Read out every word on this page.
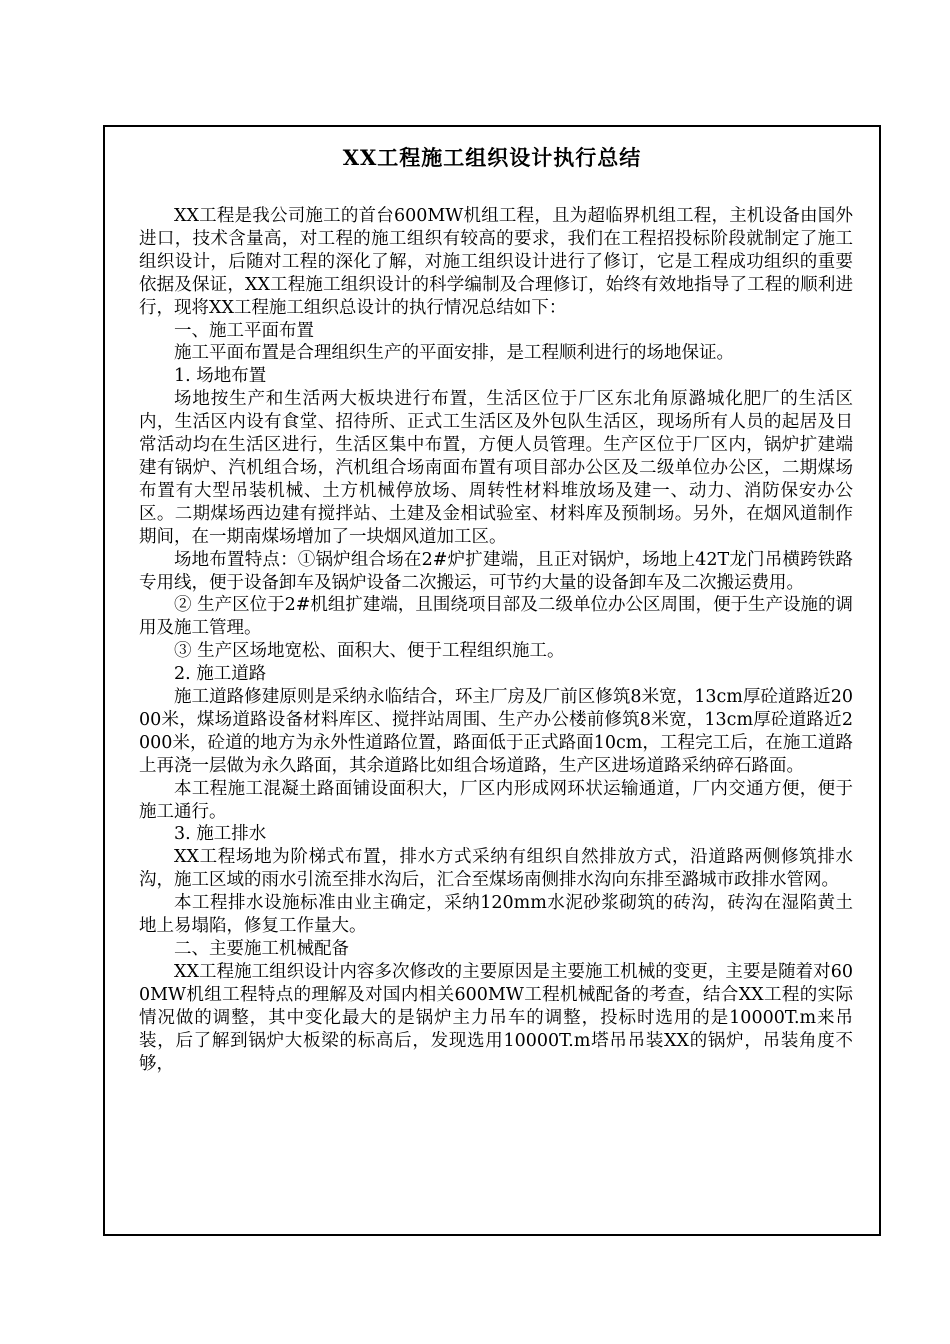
XX工程施工组织设计执行总结

XX工程是我公司施工的首台600MW机组工程，且为超临界机组工程，主机设备由国外进口，技术含量高，对工程的施工组织有较高的要求，我们在工程招投标阶段就制定了施工组织设计，后随对工程的深化了解，对施工组织设计进行了修订，它是工程成功组织的重要依据及保证，XX工程施工组织设计的科学编制及合理修订，始终有效地指导了工程的顺利进行，现将XX工程施工组织总设计的执行情况总结如下：

一、施工平面布置

施工平面布置是合理组织生产的平面安排，是工程顺利进行的场地保证。

1. 场地布置

场地按生产和生活两大板块进行布置，生活区位于厂区东北角原潞城化肥厂的生活区内，生活区内设有食堂、招待所、正式工生活区及外包队生活区，现场所有人员的起居及日常活动均在生活区进行，生活区集中布置，方便人员管理。生产区位于厂区内，锅炉扩建端建有锅炉、汽机组合场，汽机组合场南面布置有项目部办公区及二级单位办公区，二期煤场布置有大型吊装机械、土方机械停放场、周转性材料堆放场及建一、动力、消防保安办公区。二期煤场西边建有搅拌站、土建及金相试验室、材料库及预制场。另外，在烟风道制作期间，在一期南煤场增加了一块烟风道加工区。

场地布置特点：①锅炉组合场在2#炉扩建端，且正对锅炉，场地上42T龙门吊横跨铁路专用线，便于设备卸车及锅炉设备二次搬运，可节约大量的设备卸车及二次搬运费用。

② 生产区位于2#机组扩建端，且围绕项目部及二级单位办公区周围，便于生产设施的调用及施工管理。

③ 生产区场地宽松、面积大、便于工程组织施工。

2. 施工道路

施工道路修建原则是采纳永临结合，环主厂房及厂前区修筑8米宽，13cm厚砼道路近2000米，煤场道路设备材料库区、搅拌站周围、生产办公楼前修筑8米宽，13cm厚砼道路近2000米，砼道的地方为永外性道路位置，路面低于正式路面10cm，工程完工后，在施工道路上再浇一层做为永久路面，其余道路比如组合场道路，生产区进场道路采纳碎石路面。

本工程施工混凝土路面铺设面积大，厂区内形成网环状运输通道，厂内交通方便，便于施工通行。

3. 施工排水

XX工程场地为阶梯式布置，排水方式采纳有组织自然排放方式，沿道路两侧修筑排水沟，施工区域的雨水引流至排水沟后，汇合至煤场南侧排水沟向东排至潞城市政排水管网。

本工程排水设施标准由业主确定，采纳120mm水泥砂浆砌筑的砖沟，砖沟在湿陷黄土地上易塌陷，修复工作量大。

二、主要施工机械配备

XX工程施工组织设计内容多次修改的主要原因是主要施工机械的变更，主要是随着对600MW机组工程特点的理解及对国内相关600MW工程机械配备的考查，结合XX工程的实际情况做的调整，其中变化最大的是锅炉主力吊车的调整，投标时选用的是10000T.m来吊装，后了解到锅炉大板梁的标高后，发现选用10000T.m塔吊吊装XX的锅炉，吊装角度不够，
